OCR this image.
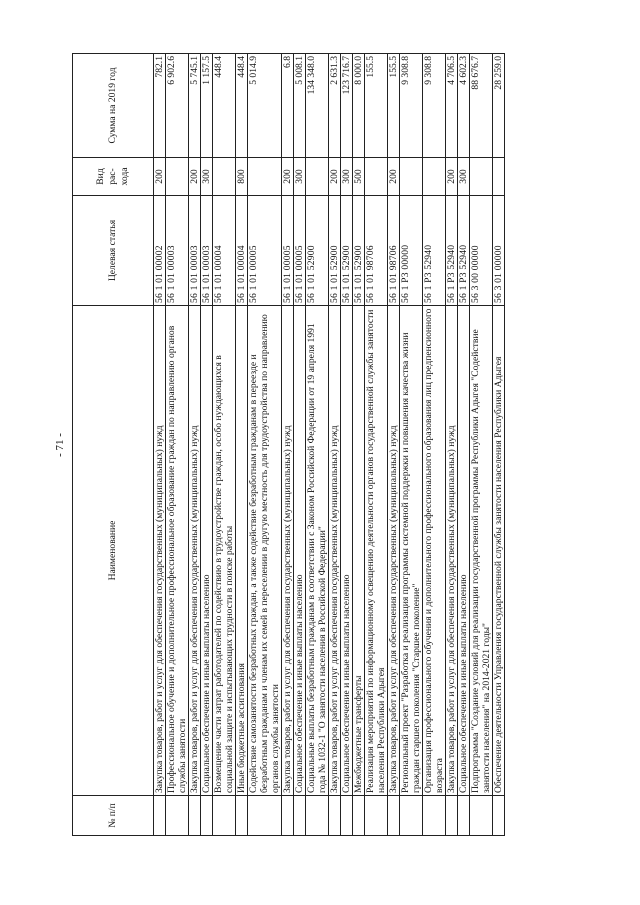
- 71 -
№ п/п	Наименование	Целевая статья	Вид рас-хода	Сумма на 2019 год
	Закупка товаров, работ и услуг для обеспечения государственных (муниципальных) нужд	56 1 01 00002	200	782.1
	Профессиональное обучение и дополнительное профессиональное образование граждан по направлению органов службы занятости	56 1 01 00003		6 902.6
	Закупка товаров, работ и услуг для обеспечения государственных (муниципальных) нужд	56 1 01 00003	200	5 745.1
	Социальное обеспечение и иные выплаты населению	56 1 01 00003	300	1 157.5
	Возмещение части затрат работодателей по содействию в трудоустройстве граждан, особо нуждающихся в социальной защите и испытывающих трудности в поиске работы	56 1 01 00004		448.4
	Иные бюджетные ассигнования	56 1 01 00004	800	448.4
	Содействие самозанятости безработных граждан, а также содействие безработным гражданам в переезде и безработным гражданам и членам их семей в переселении в другую местность для трудоустройства по направлению органов службы занятости	56 1 01 00005		5 014.9
	Закупка товаров, работ и услуг для обеспечения государственных (муниципальных) нужд	56 1 01 00005	200	6.8
	Социальное обеспечение и иные выплаты населению	56 1 01 00005	300	5 008.1
	Социальные выплаты безработным гражданам в соответствии с Законом Российской Федерации от 19 апреля 1991 года № 1032-1 "О занятости населения в Российской Федерации"	56 1 01 52900		134 348.0
	Закупка товаров, работ и услуг для обеспечения государственных (муниципальных) нужд	56 1 01 52900	200	2 631.3
	Социальное обеспечение и иные выплаты населению	56 1 01 52900	300	123 716.7
	Межбюджетные трансферты	56 1 01 52900	500	8 000.0
	Реализация мероприятий по информационному освещению деятельности органов государственной службы занятости населения Республики Адыгея	56 1 01 98706		155.5
	Закупка товаров, работ и услуг для обеспечения государственных (муниципальных) нужд	56 1 01 98706	200	155.5
	Региональный проект "Разработка и реализация программы системной поддержки и повышения качества жизни граждан старшего поколения "Старшее поколение"	56 1 P3 00000		9 308.8
	Организация профессионального обучения и дополнительного профессионального образования лиц предпенсионного возраста	56 1 P3 52940		9 308.8
	Закупка товаров, работ и услуг для обеспечения государственных (муниципальных) нужд	56 1 P3 52940	200	4 706.5
	Социальное обеспечение и иные выплаты населению	56 1 P3 52940	300	4 602.3
	Подпрограмма "Создание условий для реализации государственной программы Республики Адыгея "Содействие занятости населения" на 2014-2021 годы"	56 3 00 00000		88 676.7
	Обеспечение деятельности Управления государственной службы занятости населения Республики Адыгея	56 3 01 00000		28 259.0
